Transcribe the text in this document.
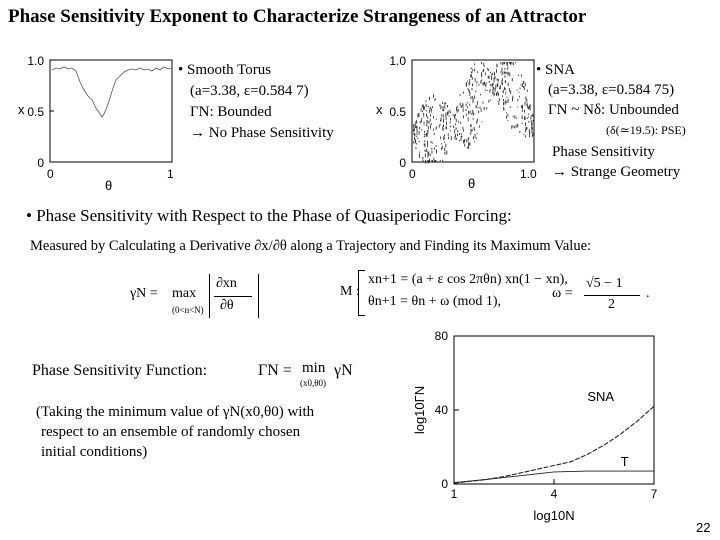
Phase Sensitivity Exponent to Characterize Strangeness of an Attractor
1.0
0.5
0
x
0	1
θ
• Smooth Torus
(a=3.38, ε=0.584 7)
ΓN: Bounded
→ No Phase Sensitivity
1.0
0.5
0
x
0	1.0
θ
• SNA
(a=3.38, ε=0.584 75)
ΓN ~ Nδ: Unbounded
(δ(≃19.5): PSE)
Phase Sensitivity
→ Strange Geometry
• Phase Sensitivity with Respect to the Phase of Quasiperiodic Forcing:
Measured by Calculating a Derivative ∂x/∂θ along a Trajectory and Finding its Maximum Value:
γN = max
(0<n<N)
∂xn
∂θ
M :
xn+1 = (a + ε cos 2πθn) xn(1 − xn),
θn+1 = θn + ω (mod 1),
ω =
√5 − 1
2
.
Phase Sensitivity Function:	ΓN = min
(x0,θ0)
γN
(Taking the minimum value of γN(x0,θ0) with
respect to an ensemble of randomly chosen
initial conditions)
80
40
0
1	4	7
SNA
T
log10N
log10ΓN
22
